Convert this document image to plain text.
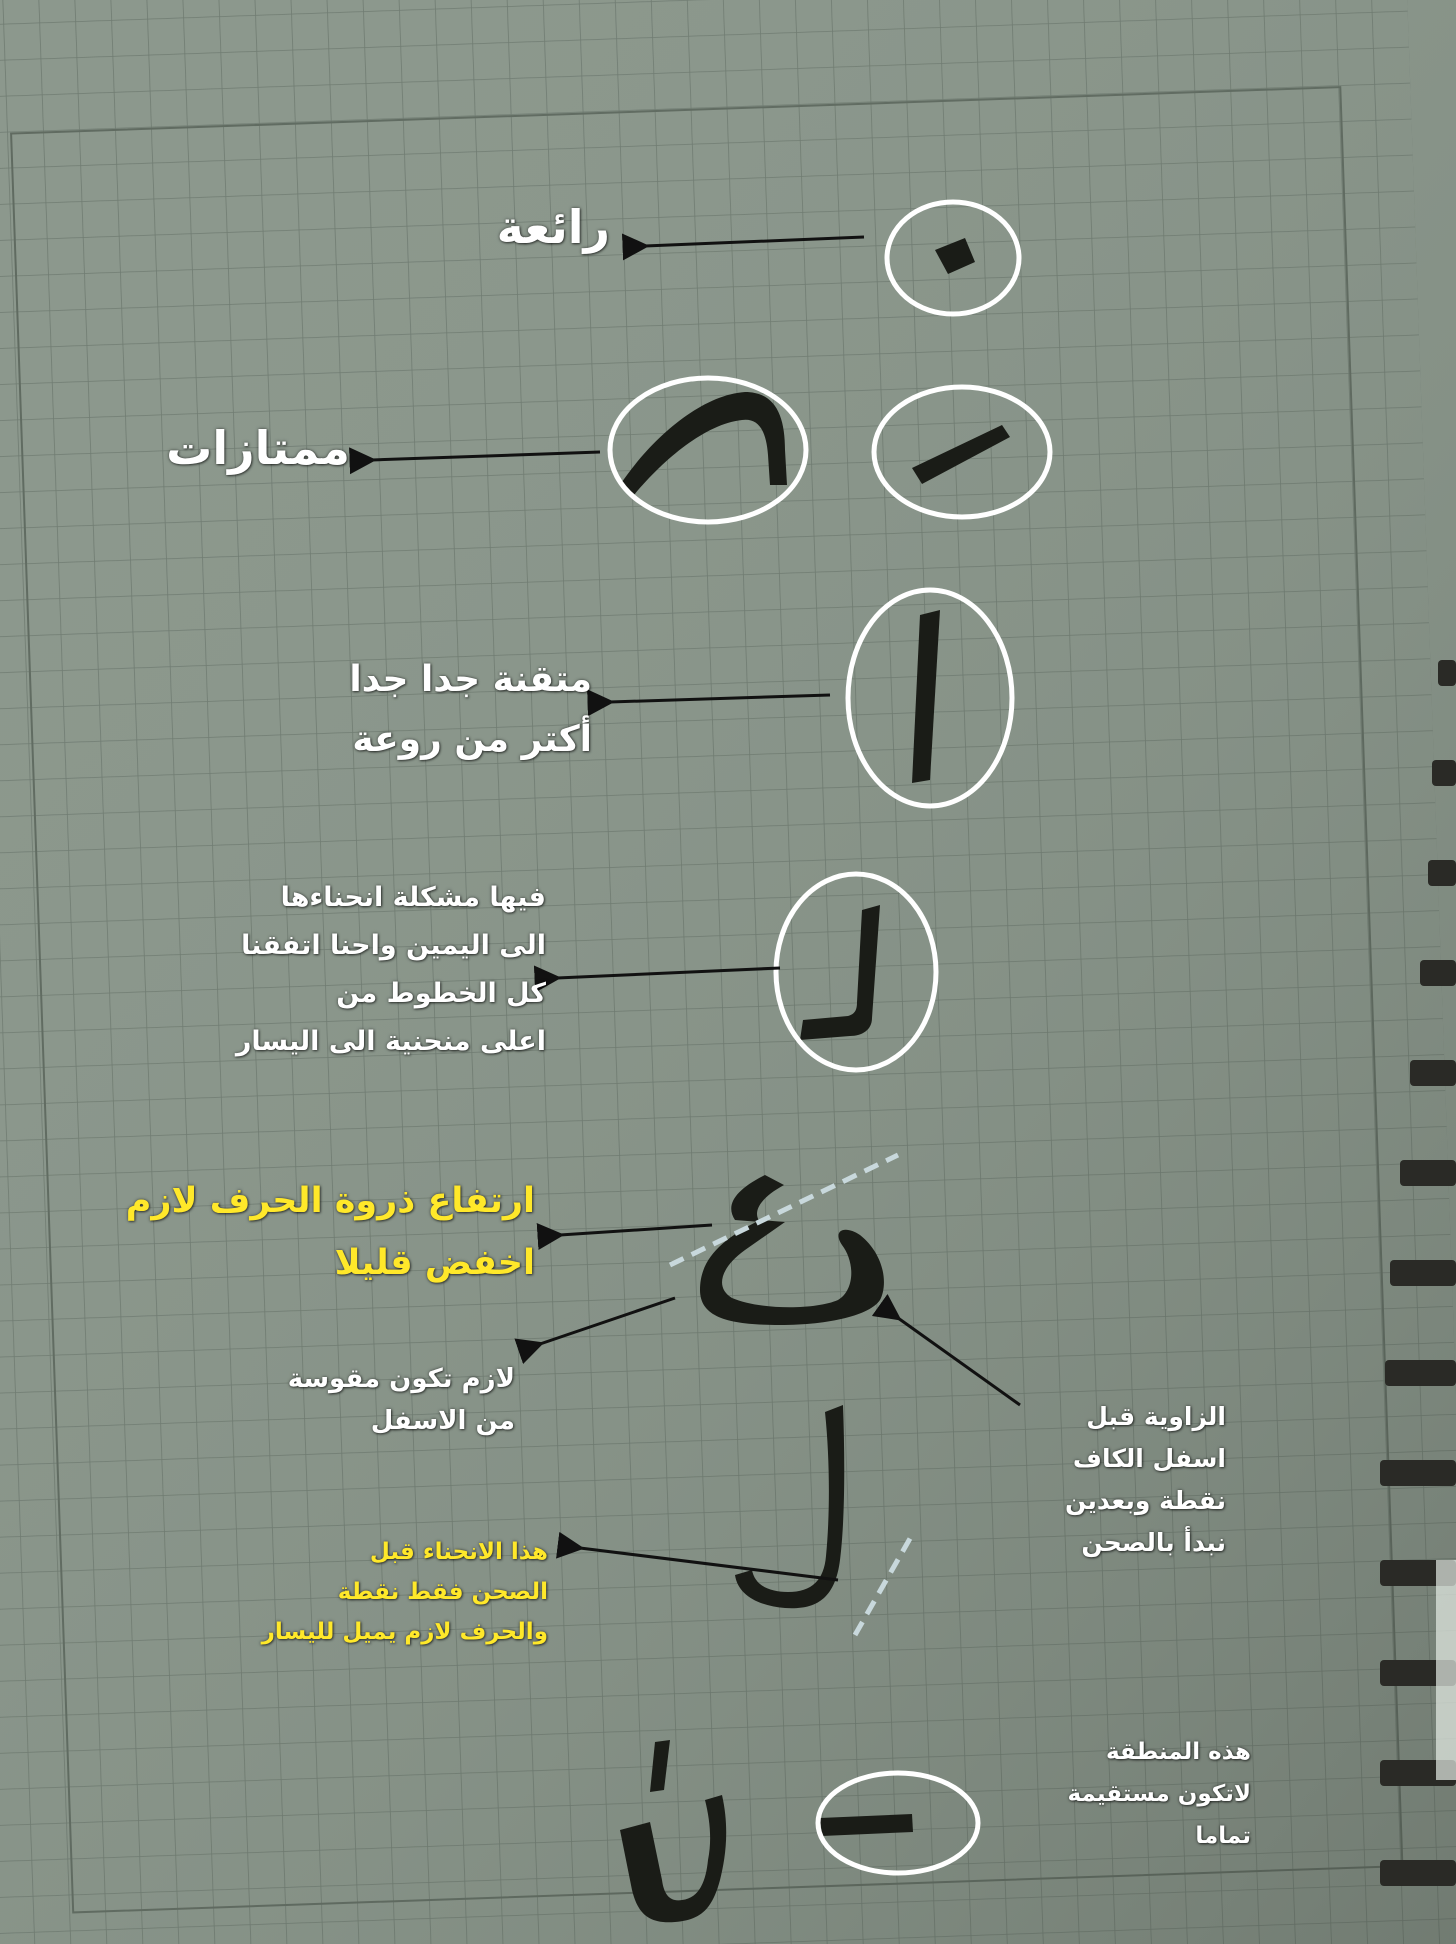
رائعة
ممتازات
متقنة جدا جدا
أكتر من روعة
فيها مشكلة انحناءها
الى اليمين واحنا اتفقنا
كل الخطوط من
اعلى منحنية الى اليسار
ارتفاع ذروة الحرف لازم
اخفض قليلا
لازم تكون مقوسة
من الاسفل	الزاوية قبل
اسفل الكاف
نقطة وبعدين
نبدأ بالصحن
هذا الانحناء قبل
الصحن فقط نقطة
والحرف لازم يميل لليسار
هذه المنطقة
لاتكون مستقيمة
تماما
